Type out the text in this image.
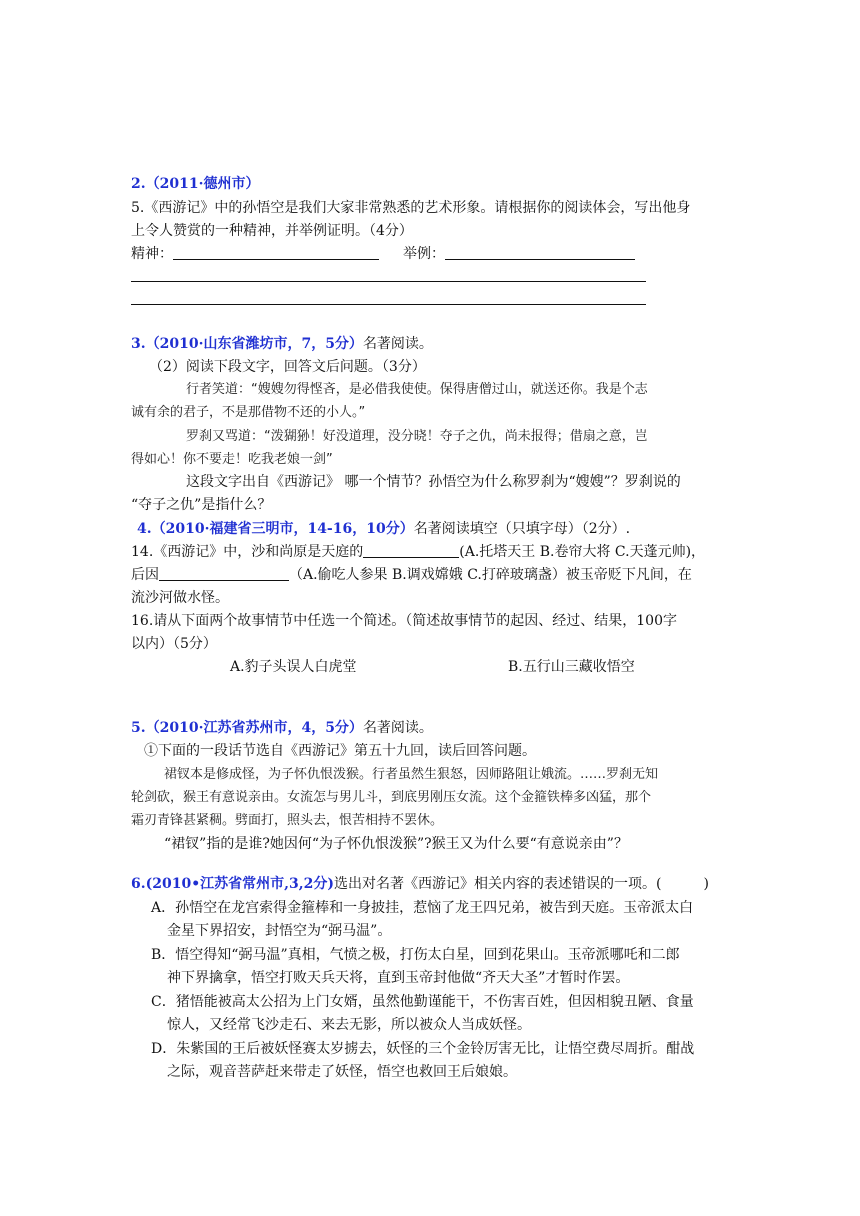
2.（2011·德州市）
5.《西游记》中的孙悟空是我们大家非常熟悉的艺术形象。请根据你的阅读体会，写出他身
上令人赞赏的一种精神，并举例证明。（4分）
精神：	举例：
3.（2010·山东省潍坊市，7，5分）名著阅读。
（2）阅读下段文字，回答文后问题。（3分）
行者笑道：“嫂嫂勿得悭吝，是必借我使使。保得唐僧过山，就送还你。我是个志
诚有余的君子，不是那借物不还的小人。”
罗刹又骂道：“泼猢狲！好没道理，没分晓！夺子之仇，尚未报得；借扇之意，岂
得如心！你不要走！吃我老娘一剑”
这段文字出自《西游记》 哪一个情节？孙悟空为什么称罗刹为“嫂嫂”？罗刹说的
“夺子之仇”是指什么？
4.（2010·福建省三明市，14-16，10分）名著阅读填空（只填字母）（2分）.
14.《西游记》中，沙和尚原是天庭的	(A.托塔天王 B.卷帘大将 C.天蓬元帅)，
后因	（A.偷吃人参果 B.调戏嫦娥 C.打碎玻璃盏）被玉帝贬下凡间，在
流沙河做水怪。
16.请从下面两个故事情节中任选一个简述。（简述故事情节的起因、经过、结果，100字
以内）（5分）
A.豹子头误人白虎堂	B.五行山三藏收悟空
5.（2010·江苏省苏州市，4，5分）名著阅读。
①下面的一段话节选自《西游记》第五十九回，读后回答问题。
裙钗本是修成怪，为子怀仇恨泼猴。行者虽然生狠怒，因师路阻让娥流。……罗刹无知
轮剑砍，猴王有意说亲由。女流怎与男儿斗，到底男刚压女流。这个金箍铁棒多凶猛，那个
霜刃青锋甚紧稠。劈面打，照头去，恨苦相持不罢休。
“裙钗”指的是谁?她因何“为子怀仇恨泼猴”?猴王又为什么要“有意说亲由”？
6.(2010•江苏省常州市,3,2分)选出对名著《西游记》相关内容的表述错误的一项。(　　　)
A．孙悟空在龙宫索得金箍棒和一身披挂，惹恼了龙王四兄弟，被告到天庭。玉帝派太白
金星下界招安，封悟空为“弼马温”。
B．悟空得知“弼马温”真相，气愤之极，打伤太白星，回到花果山。玉帝派哪吒和二郎
神下界擒拿，悟空打败天兵天将，直到玉帝封他做“齐天大圣”才暂时作罢。
C．猪悟能被高太公招为上门女婿，虽然他勤谨能干，不伤害百姓，但因相貌丑陋、食量
惊人，又经常飞沙走石、来去无影，所以被众人当成妖怪。
D．朱紫国的王后被妖怪赛太岁掳去，妖怪的三个金铃厉害无比，让悟空费尽周折。酣战
之际，观音菩萨赶来带走了妖怪，悟空也救回王后娘娘。
